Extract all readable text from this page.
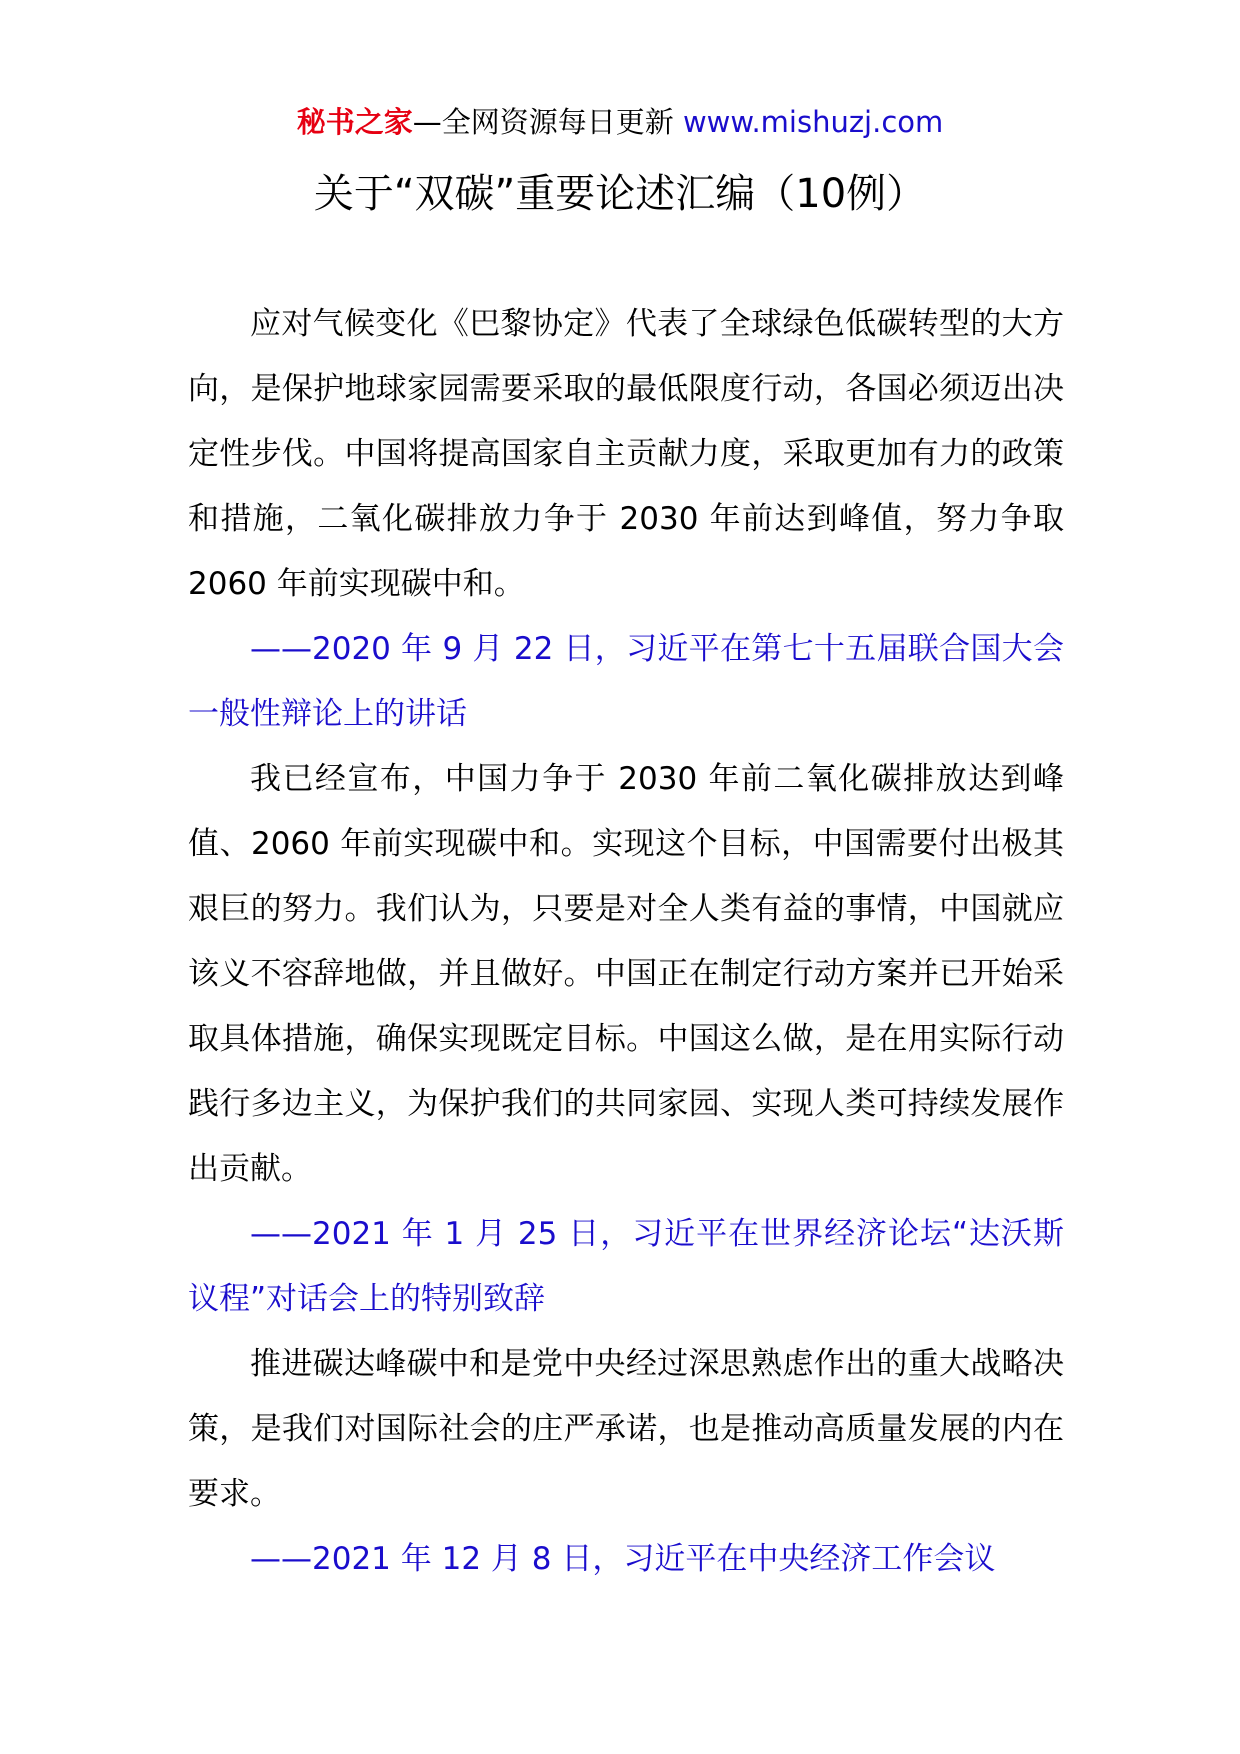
秘书之家—全网资源每日更新 www.mishuzj.com
关于“双碳”重要论述汇编（10例）

应对气候变化《巴黎协定》代表了全球绿色低碳转型的大方向，是保护地球家园需要采取的最低限度行动，各国必须迈出决定性步伐。中国将提高国家自主贡献力度，采取更加有力的政策和措施，二氧化碳排放力争于 2030 年前达到峰值，努力争取 2060 年前实现碳中和。

——2020 年 9 月 22 日，习近平在第七十五届联合国大会一般性辩论上的讲话

我已经宣布，中国力争于 2030 年前二氧化碳排放达到峰值、2060 年前实现碳中和。实现这个目标，中国需要付出极其艰巨的努力。我们认为，只要是对全人类有益的事情，中国就应该义不容辞地做，并且做好。中国正在制定行动方案并已开始采取具体措施，确保实现既定目标。中国这么做，是在用实际行动践行多边主义，为保护我们的共同家园、实现人类可持续发展作出贡献。

——2021 年 1 月 25 日，习近平在世界经济论坛“达沃斯议程”对话会上的特别致辞

推进碳达峰碳中和是党中央经过深思熟虑作出的重大战略决策，是我们对国际社会的庄严承诺，也是推动高质量发展的内在要求。

——2021 年 12 月 8 日，习近平在中央经济工作会议
